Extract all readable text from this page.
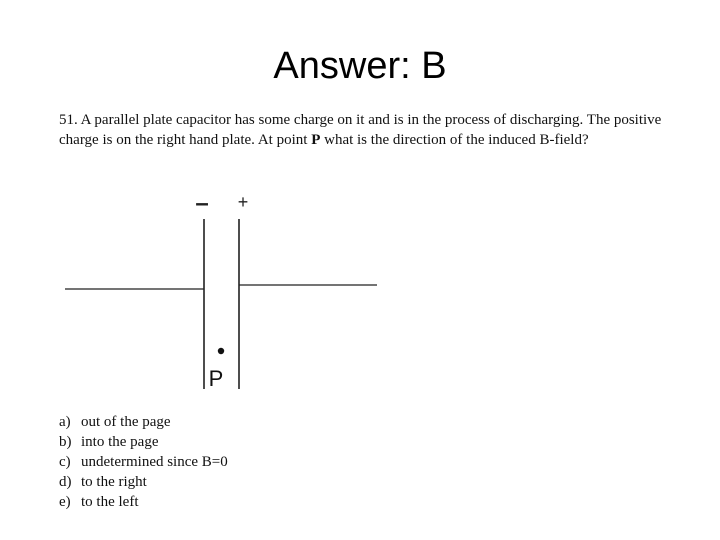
Answer: B

51. A parallel plate capacitor has some charge on it and is in the process of discharging. The positive charge is on the right hand plate. At point P what is the direction of the induced B-field?

– +
P
a) out of the page
b) into the page
c) undetermined since B=0
d) to the right
e) to the left
